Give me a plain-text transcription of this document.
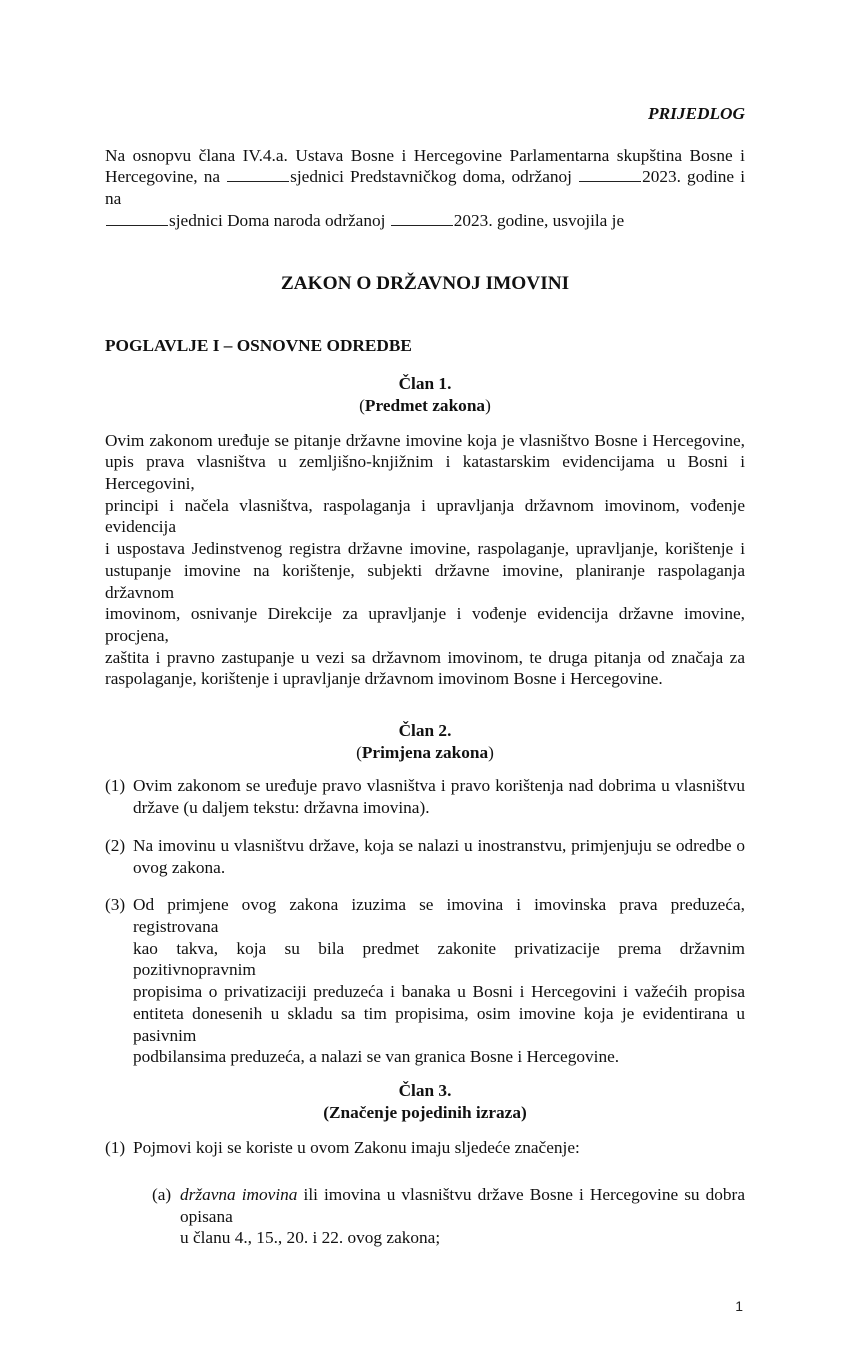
PRIJEDLOG
Na osnopvu člana IV.4.a. Ustava Bosne i Hercegovine Parlamentarna skupština Bosne i
Hercegovine, na	sjednici Predstavničkog doma, održanoj	2023. godine i na
sjednici Doma naroda održanoj	2023. godine, usvojila je
ZAKON O DRŽAVNOJ IMOVINI
POGLAVLJE I – OSNOVNE ODREDBE
Član 1.
(Predmet zakona)
Ovim zakonom uređuje se pitanje državne imovine koja je vlasništvo Bosne i Hercegovine,
upis prava vlasništva u zemljišno-knjižnim i katastarskim evidencijama u Bosni i Hercegovini,
principi i načela vlasništva, raspolaganja i upravljanja državnom imovinom, vođenje evidencija
i uspostava Jedinstvenog registra državne imovine, raspolaganje, upravljanje, korištenje i
ustupanje imovine na korištenje, subjekti državne imovine, planiranje raspolaganja državnom
imovinom, osnivanje Direkcije za upravljanje i vođenje evidencija državne imovine, procjena,
zaštita i pravno zastupanje u vezi sa državnom imovinom, te druga pitanja od značaja za
raspolaganje, korištenje i upravljanje državnom imovinom Bosne i Hercegovine.
Član 2.
(Primjena zakona)
(1) Ovim zakonom se uređuje pravo vlasništva i pravo korištenja nad dobrima u vlasništvu
države (u daljem tekstu: državna imovina).
(2) Na imovinu u vlasništvu države, koja se nalazi u inostranstvu, primjenjuju se odredbe o
ovog zakona.
(3) Od primjene ovog zakona izuzima se imovina i imovinska prava preduzeća, registrovana
kao takva, koja su bila predmet zakonite privatizacije prema državnim pozitivnopravnim
propisima o privatizaciji preduzeća i banaka u Bosni i Hercegovini i važećih propisa
entiteta donesenih u skladu sa tim propisima, osim imovine koja je evidentirana u pasivnim
podbilansima preduzeća, a nalazi se van granica Bosne i Hercegovine.
Član 3.
(Značenje pojedinih izraza)
(1) Pojmovi koji se koriste u ovom Zakonu imaju sljedeće značenje:
(a) državna imovina ili imovina u vlasništvu države Bosne i Hercegovine su dobra opisana
u članu 4., 15., 20. i 22. ovog zakona;
1
